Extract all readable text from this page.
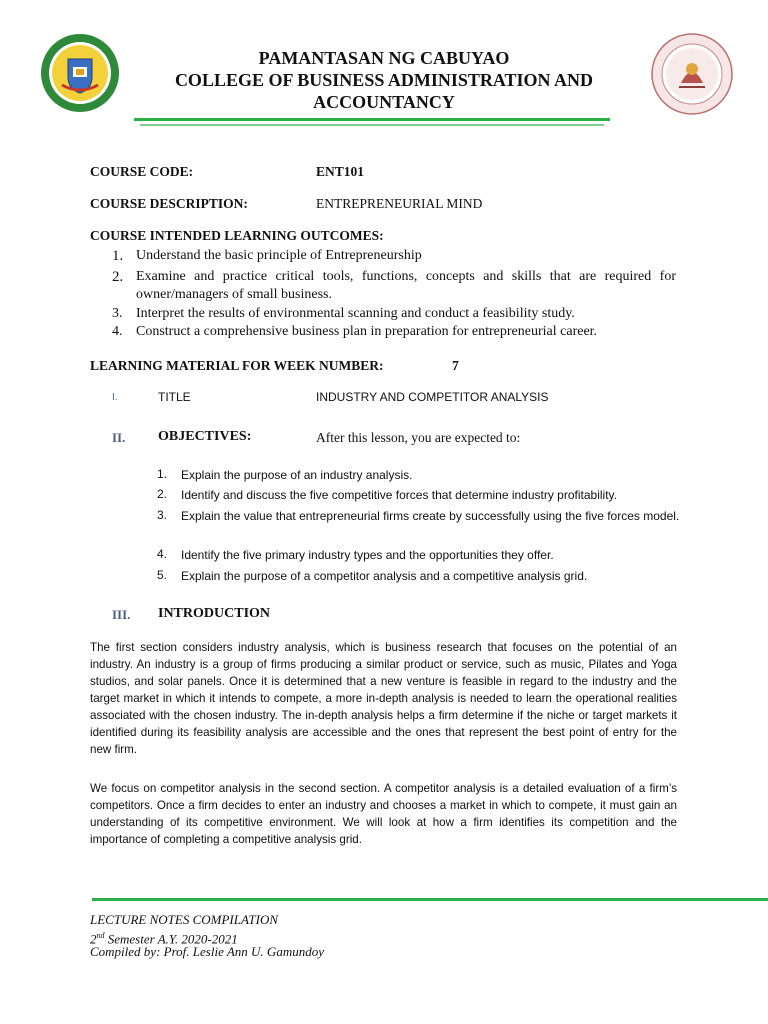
PAMANTASAN NG CABUYAO
COLLEGE OF BUSINESS ADMINISTRATION AND
ACCOUNTANCY
COURSE CODE:	ENT101
COURSE DESCRIPTION:	ENTREPRENEURIAL MIND
COURSE INTENDED LEARNING OUTCOMES:
1. Understand the basic principle of Entrepreneurship
2. Examine and practice critical tools, functions, concepts and skills that are required for owner/managers of small business.
3. Interpret the results of environmental scanning and conduct a feasibility study.
4. Construct a comprehensive business plan in preparation for entrepreneurial career.
LEARNING MATERIAL FOR WEEK NUMBER:	7
I.	TITLE	INDUSTRY AND COMPETITOR ANALYSIS
II. OBJECTIVES:	After this lesson, you are expected to:
1. Explain the purpose of an industry analysis.
2. Identify and discuss the five competitive forces that determine industry profitability.
3. Explain the value that entrepreneurial firms create by successfully using the five forces model.
4. Identify the five primary industry types and the opportunities they offer.
5. Explain the purpose of a competitor analysis and a competitive analysis grid.
III. INTRODUCTION
The first section considers industry analysis, which is business research that focuses on the potential of an industry. An industry is a group of firms producing a similar product or service, such as music, Pilates and Yoga studios, and solar panels. Once it is determined that a new venture is feasible in regard to the industry and the target market in which it intends to compete, a more in-depth analysis is needed to learn the operational realities associated with the chosen industry. The in-depth analysis helps a firm determine if the niche or target markets it identified during its feasibility analysis are accessible and the ones that represent the best point of entry for the new firm.
We focus on competitor analysis in the second section. A competitor analysis is a detailed evaluation of a firm’s competitors. Once a firm decides to enter an industry and chooses a market in which to compete, it must gain an understanding of its competitive environment. We will look at how a firm identifies its competition and the importance of completing a competitive analysis grid.
LECTURE NOTES COMPILATION
2nd Semester A.Y. 2020-2021
Compiled by: Prof. Leslie Ann U. Gamundoy
